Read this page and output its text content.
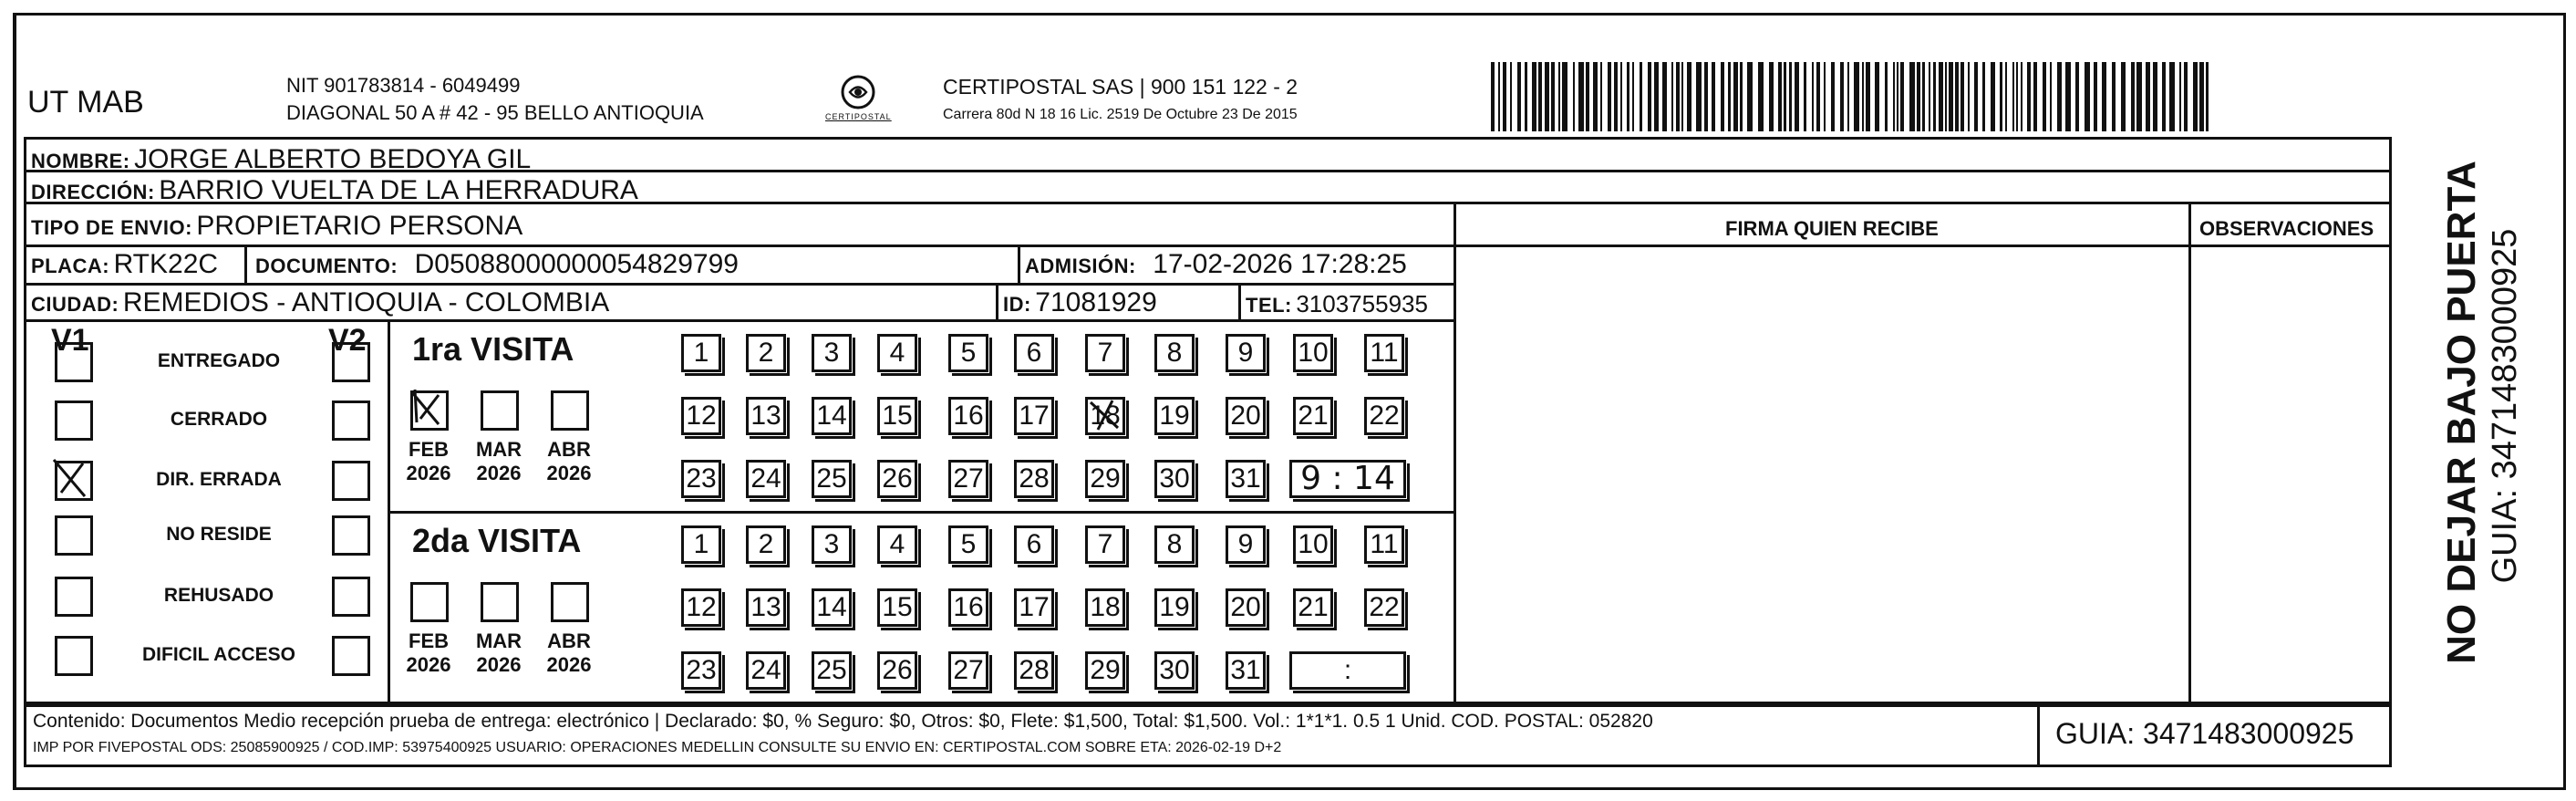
UT MAB	NIT 901783814 - 6049499
DIAGONAL 50 A # 42 - 95 BELLO ANTIOQUIA	CERTIPOSTAL
CERTIPOSTAL SAS | 900 151 122 - 2
Carrera 80d N 18 16 Lic. 2519 De Octubre 23 De 2015
NOMBRE: JORGE ALBERTO BEDOYA GIL
DIRECCIÓN: BARRIO VUELTA DE LA HERRADURA
TIPO DE ENVIO: PROPIETARIO PERSONA	FIRMA QUIEN RECIBE	OBSERVACIONES
PLACA: RTK22C DOCUMENTO: D05088000000054829799	ADMISIÓN: 17-02-2026 17:28:25
CIUDAD: REMEDIOS - ANTIOQUIA - COLOMBIA	ID: 71081929	TEL: 3103755935
V1	V2
ENTREGADO
CERRADO
DIR. ERRADA
NO RESIDE
REHUSADO
DIFICIL ACCESO
1ra VISITA
FEB
2026
MAR
2026
ABR
2026
1	2	3	4	5	6	7	8	9	10 11
12 13 14 15 16 17 18 19 20 21 22
23 24 25 26 27 28 29 30 31	9 : 14
2da VISITA
FEB
2026
MAR
2026
ABR
2026
1	2	3	4	5	6	7	8	9	10 11
12 13 14 15 16 17 18 19 20 21 22
23 24 25 26 27 28 29 30 31	:
Contenido: Documentos Medio recepción prueba de entrega: electrónico | Declarado: $0, % Seguro: $0, Otros: $0, Flete: $1,500, Total: $1,500. Vol.: 1*1*1. 0.5 1 Unid. COD. POSTAL: 052820
IMP POR FIVEPOSTAL ODS: 25085900925 / COD.IMP: 53975400925 USUARIO: OPERACIONES MEDELLIN CONSULTE SU ENVIO EN: CERTIPOSTAL.COM SOBRE ETA: 2026-02-19 D+2	GUIA: 3471483000925
NO DEJAR BAJO PUERTA GUIA: 3471483000925
